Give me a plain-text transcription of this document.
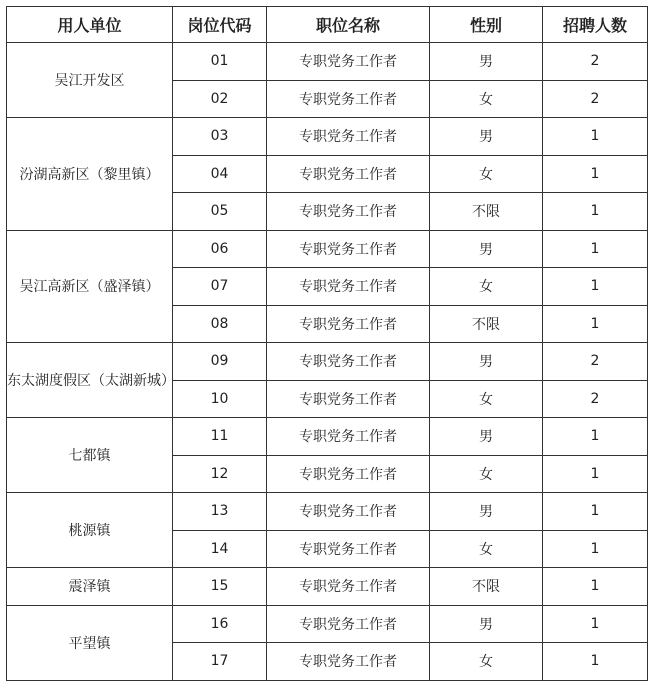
用人单位	岗位代码	职位名称	性别	招聘人数
吴江开发区	01	专职党务工作者	男	2
	02	专职党务工作者	女	2
汾湖高新区（黎里镇）	03	专职党务工作者	男	1
	04	专职党务工作者	女	1
	05	专职党务工作者	不限	1
吴江高新区（盛泽镇）	06	专职党务工作者	男	1
	07	专职党务工作者	女	1
	08	专职党务工作者	不限	1
东太湖度假区（太湖新城）	09	专职党务工作者	男	2
	10	专职党务工作者	女	2
七都镇	11	专职党务工作者	男	1
	12	专职党务工作者	女	1
桃源镇	13	专职党务工作者	男	1
	14	专职党务工作者	女	1
震泽镇	15	专职党务工作者	不限	1
平望镇	16	专职党务工作者	男	1
	17	专职党务工作者	女	1
